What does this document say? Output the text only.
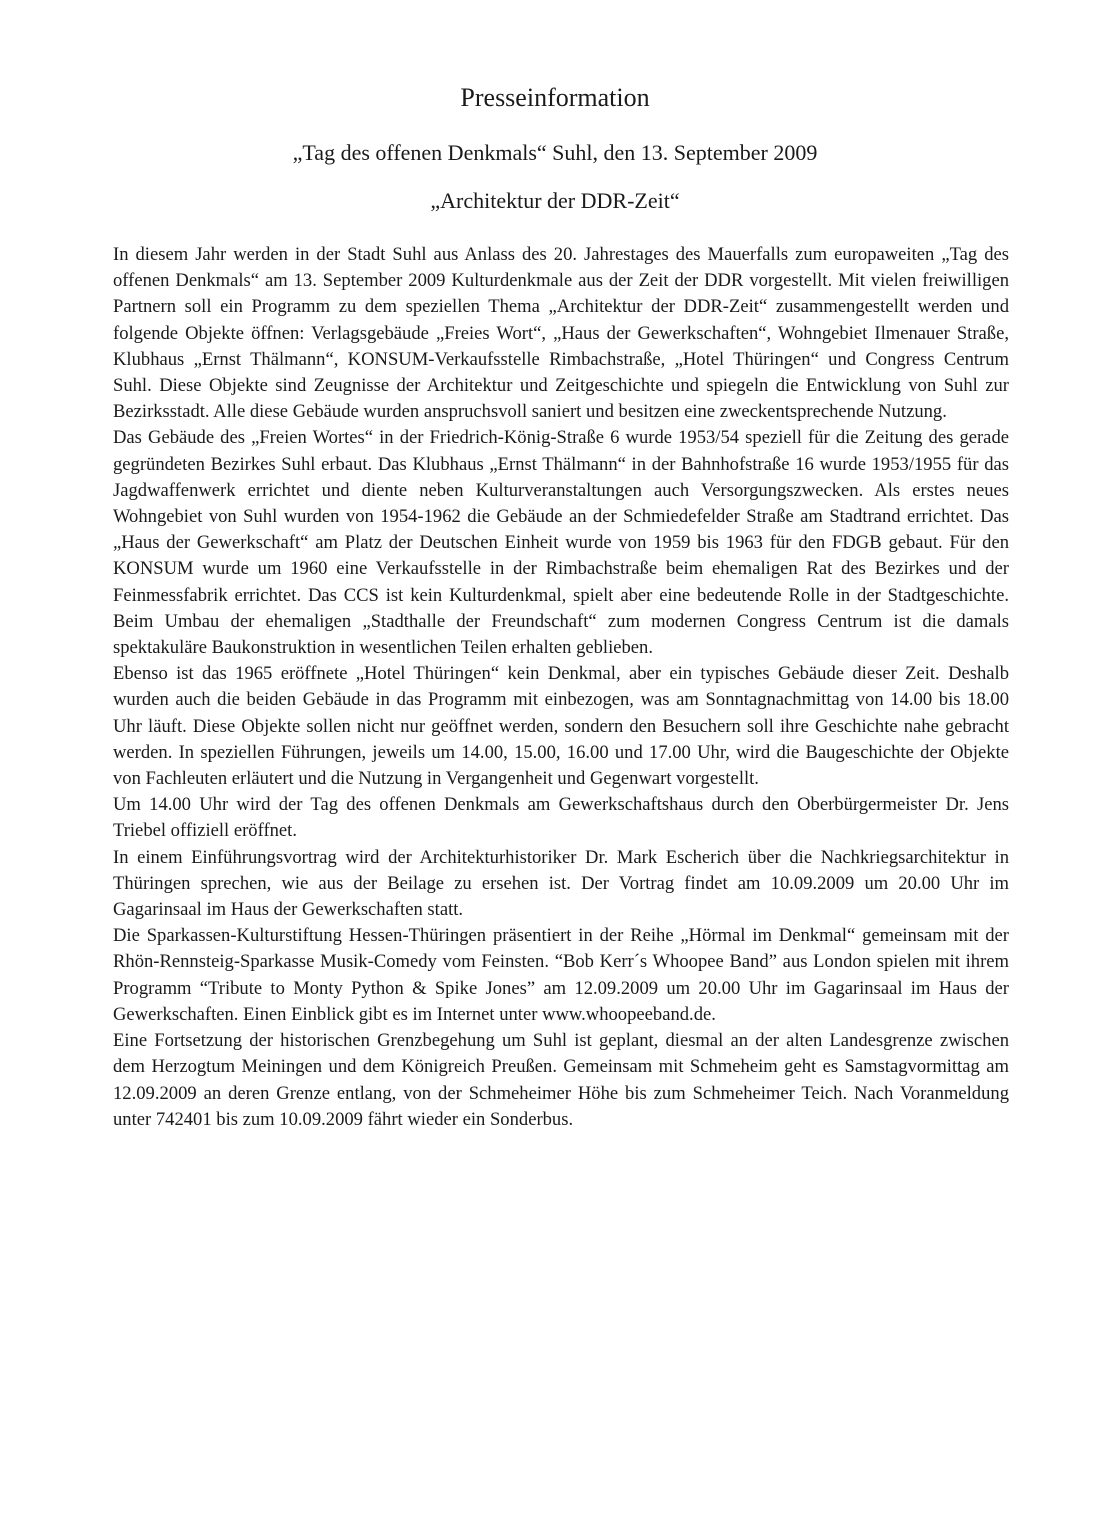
Presseinformation
„Tag des offenen Denkmals“ Suhl, den 13. September 2009
„Architektur der DDR-Zeit“

In diesem Jahr werden in der Stadt Suhl aus Anlass des 20. Jahrestages des Mauerfalls zum europaweiten „Tag des offenen Denkmals“ am 13. September 2009 Kulturdenkmale aus der Zeit der DDR vorgestellt. Mit vielen freiwilligen Partnern soll ein Programm zu dem speziellen Thema „Architektur der DDR-Zeit“ zusammengestellt werden und folgende Objekte öffnen: Verlagsgebäude „Freies Wort“, „Haus der Gewerkschaften“, Wohngebiet Ilmenauer Straße, Klubhaus „Ernst Thälmann“, KONSUM-Verkaufsstelle Rimbachstraße, „Hotel Thüringen“ und Congress Centrum Suhl. Diese Objekte sind Zeugnisse der Architektur und Zeitgeschichte und spiegeln die Entwicklung von Suhl zur Bezirksstadt. Alle diese Gebäude wurden anspruchsvoll saniert und besitzen eine zweckentsprechende Nutzung.

Das Gebäude des „Freien Wortes“ in der Friedrich-König-Straße 6 wurde 1953/54 speziell für die Zeitung des gerade gegründeten Bezirkes Suhl erbaut. Das Klubhaus „Ernst Thälmann“ in der Bahnhofstraße 16 wurde 1953/1955 für das Jagdwaffenwerk errichtet und diente neben Kulturveranstaltungen auch Versorgungszwecken. Als erstes neues Wohngebiet von Suhl wurden von 1954-1962 die Gebäude an der Schmiedefelder Straße am Stadtrand errichtet. Das „Haus der Gewerkschaft“ am Platz der Deutschen Einheit wurde von 1959 bis 1963 für den FDGB gebaut. Für den KONSUM wurde um 1960 eine Verkaufsstelle in der Rimbachstraße beim ehemaligen Rat des Bezirkes und der Feinmessfabrik errichtet. Das CCS ist kein Kulturdenkmal, spielt aber eine bedeutende Rolle in der Stadtgeschichte. Beim Umbau der ehemaligen „Stadthalle der Freundschaft“ zum modernen Congress Centrum ist die damals spektakuläre Baukonstruktion in wesentlichen Teilen erhalten geblieben.

Ebenso ist das 1965 eröffnete „Hotel Thüringen“ kein Denkmal, aber ein typisches Gebäude dieser Zeit. Deshalb wurden auch die beiden Gebäude in das Programm mit einbezogen, was am Sonntagnachmittag von 14.00 bis 18.00 Uhr läuft. Diese Objekte sollen nicht nur geöffnet werden, sondern den Besuchern soll ihre Geschichte nahe gebracht werden. In speziellen Führungen, jeweils um 14.00, 15.00, 16.00 und 17.00 Uhr, wird die Baugeschichte der Objekte von Fachleuten erläutert und die Nutzung in Vergangenheit und Gegenwart vorgestellt.

Um 14.00 Uhr wird der Tag des offenen Denkmals am Gewerkschaftshaus durch den Oberbürgermeister Dr. Jens Triebel offiziell eröffnet.

In einem Einführungsvortrag wird der Architekturhistoriker Dr. Mark Escherich über die Nachkriegsarchitektur in Thüringen sprechen, wie aus der Beilage zu ersehen ist. Der Vortrag findet am 10.09.2009 um 20.00 Uhr im Gagarinsaal im Haus der Gewerkschaften statt.

Die Sparkassen-Kulturstiftung Hessen-Thüringen präsentiert in der Reihe „Hörmal im Denkmal“ gemeinsam mit der Rhön-Rennsteig-Sparkasse Musik-Comedy vom Feinsten. “Bob Kerr´s Whoopee Band” aus London spielen mit ihrem Programm “Tribute to Monty Python & Spike Jones” am 12.09.2009 um 20.00 Uhr im Gagarinsaal im Haus der Gewerkschaften. Einen Einblick gibt es im Internet unter www.whoopeeband.de.

Eine Fortsetzung der historischen Grenzbegehung um Suhl ist geplant, diesmal an der alten Landesgrenze zwischen dem Herzogtum Meiningen und dem Königreich Preußen. Gemeinsam mit Schmeheim geht es Samstagvormittag am 12.09.2009 an deren Grenze entlang, von der Schmeheimer Höhe bis zum Schmeheimer Teich. Nach Voranmeldung unter 742401 bis zum 10.09.2009 fährt wieder ein Sonderbus.
